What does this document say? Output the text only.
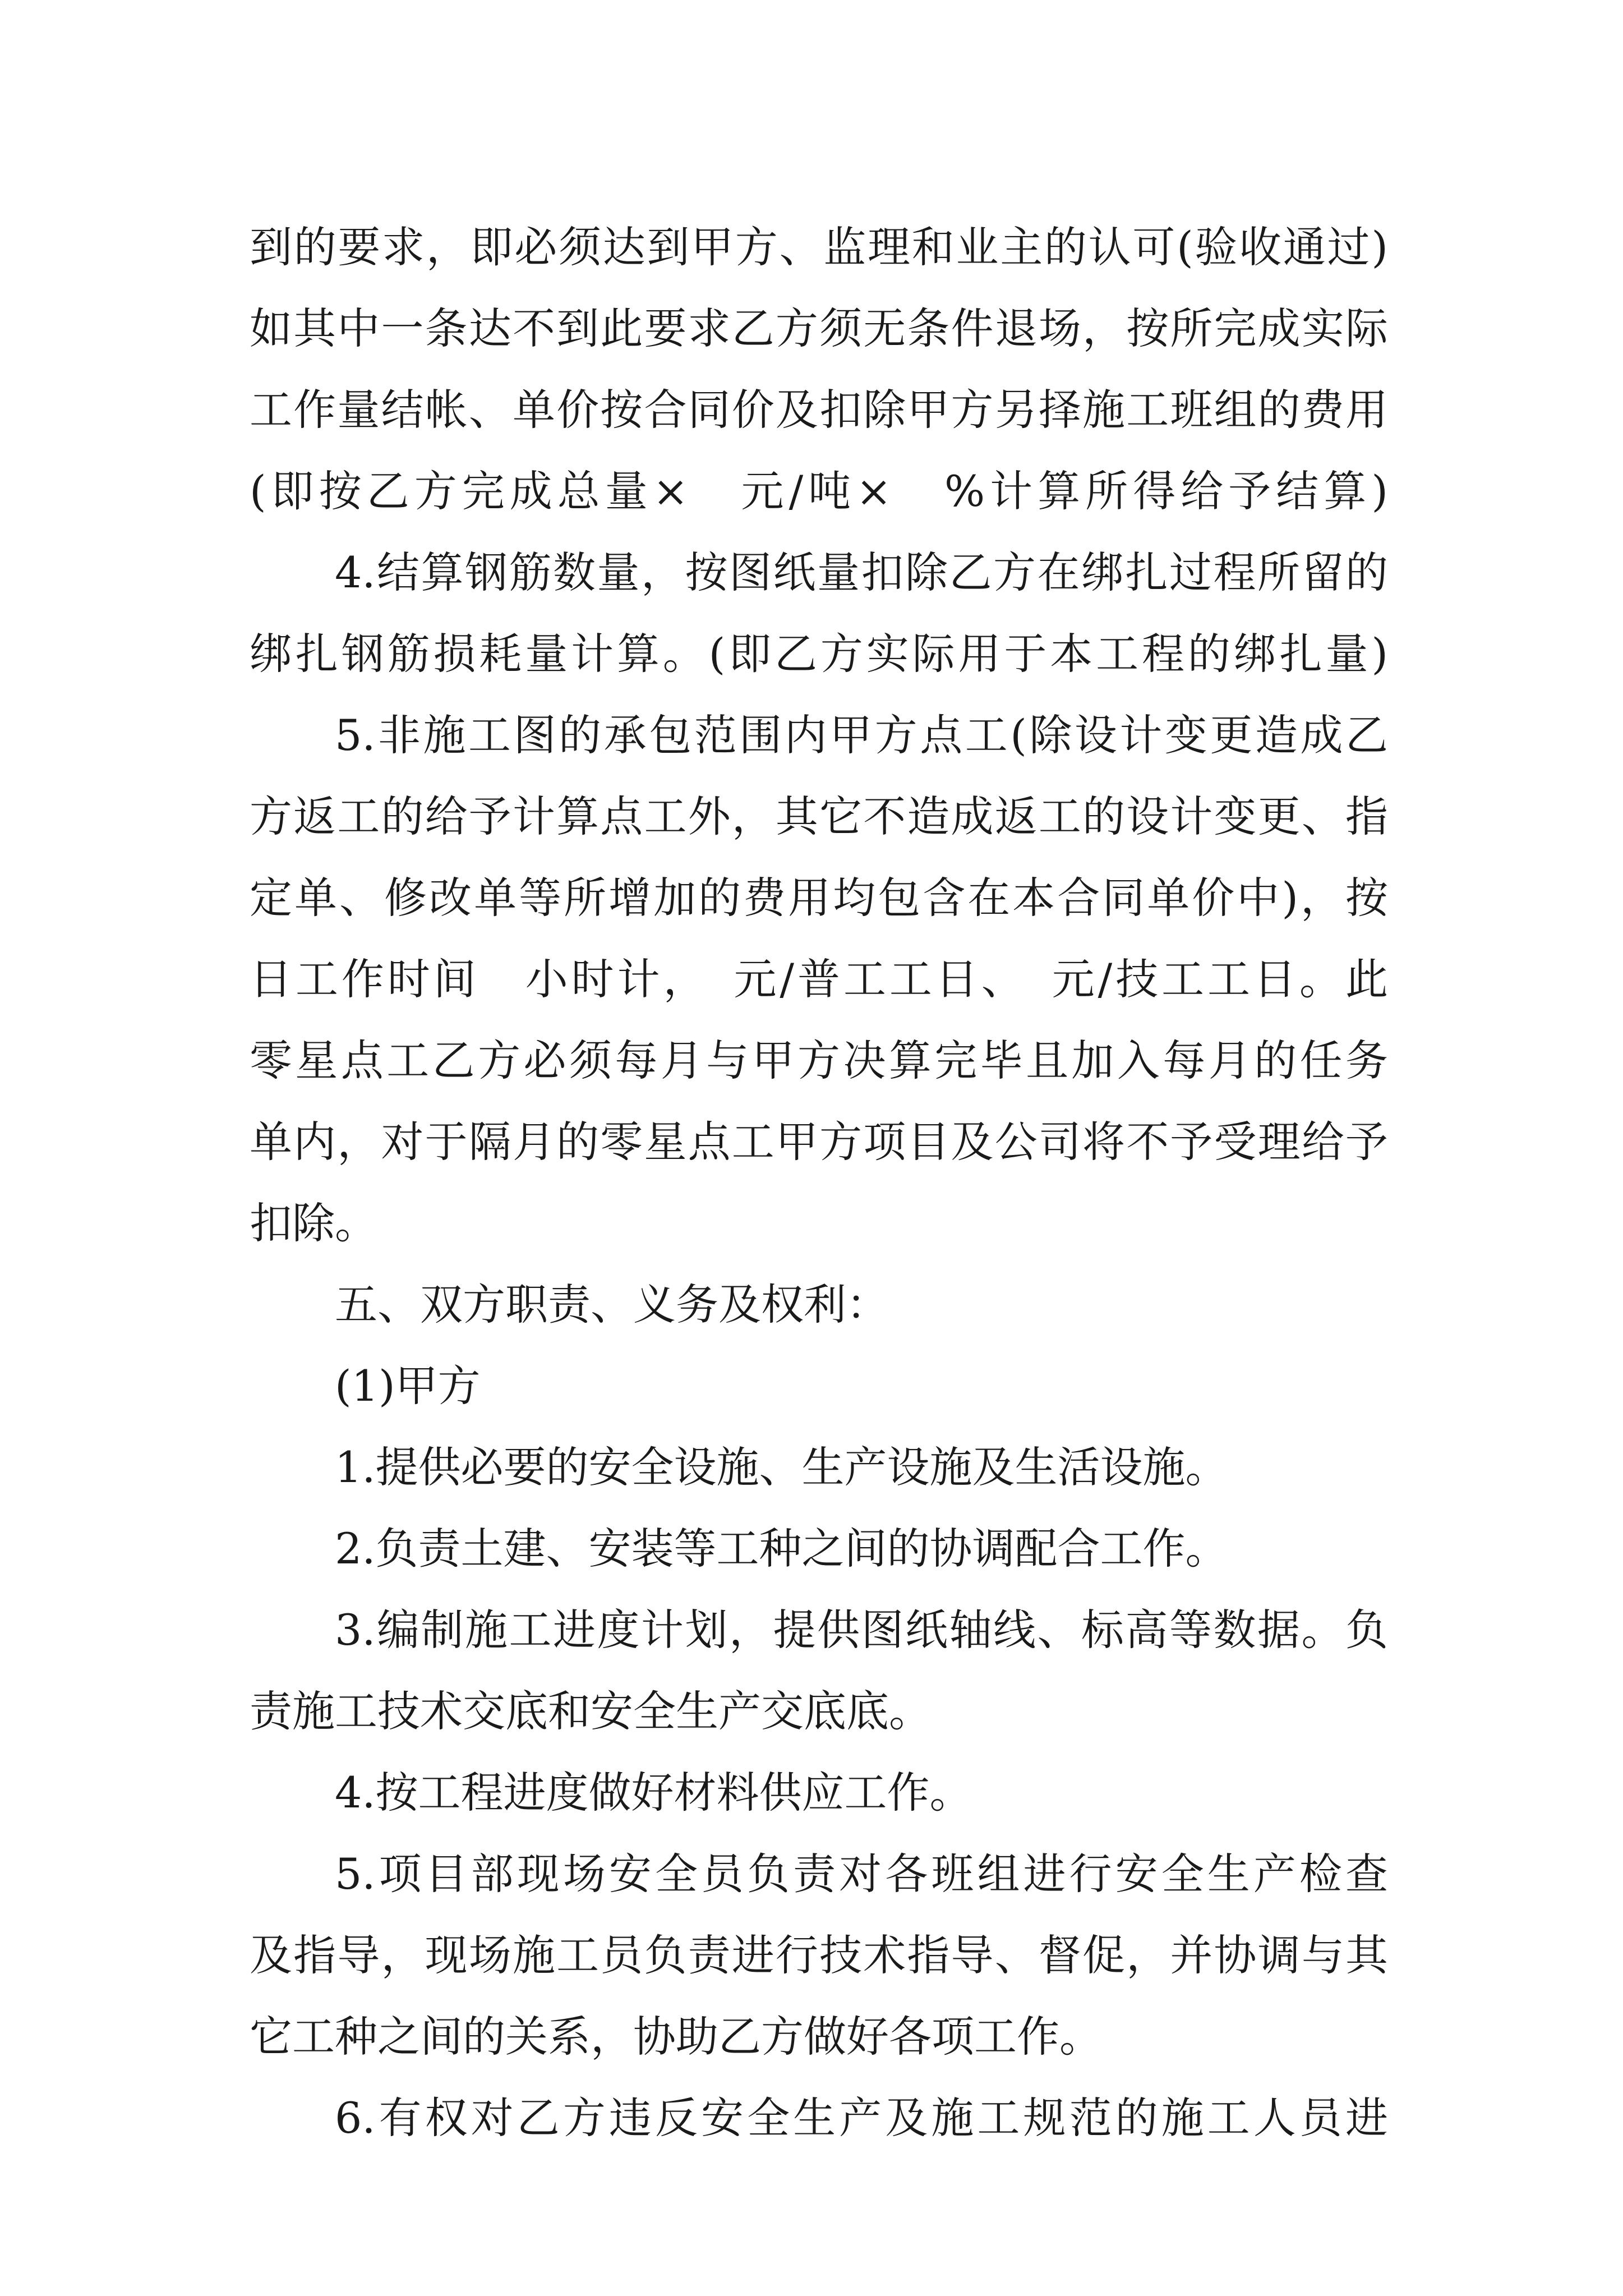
到的要求，即必须达到甲方、监理和业主的认可(验收通过)
如其中一条达不到此要求乙方须无条件退场，按所完成实际
工作量结帐、单价按合同价及扣除甲方另择施工班组的费用
(即按乙方完成总量×　元/吨×　%计算所得给予结算)
4.结算钢筋数量，按图纸量扣除乙方在绑扎过程所留的
绑扎钢筋损耗量计算。(即乙方实际用于本工程的绑扎量)
5.非施工图的承包范围内甲方点工(除设计变更造成乙
方返工的给予计算点工外，其它不造成返工的设计变更、指
定单、修改单等所增加的费用均包含在本合同单价中)，按
日工作时间　小时计，　元/普工工日、　元/技工工日。此
零星点工乙方必须每月与甲方决算完毕且加入每月的任务
单内，对于隔月的零星点工甲方项目及公司将不予受理给予
扣除。
五、双方职责、义务及权利：
(1)甲方
1.提供必要的安全设施、生产设施及生活设施。
2.负责土建、安装等工种之间的协调配合工作。
3.编制施工进度计划，提供图纸轴线、标高等数据。负
责施工技术交底和安全生产交底底。
4.按工程进度做好材料供应工作。
5.项目部现场安全员负责对各班组进行安全生产检查
及指导，现场施工员负责进行技术指导、督促，并协调与其
它工种之间的关系，协助乙方做好各项工作。
6.有权对乙方违反安全生产及施工规范的施工人员进
